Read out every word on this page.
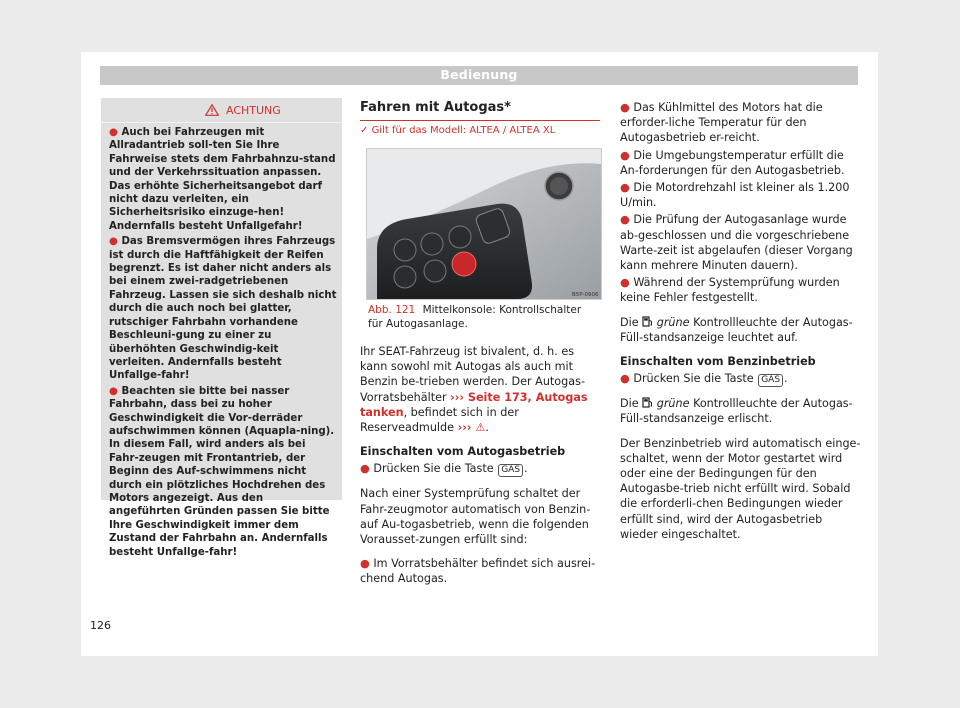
Bedienung
ACHTUNG

● Auch bei Fahrzeugen mit Allradantrieb soll-ten Sie Ihre Fahrweise stets dem Fahrbahnzu-stand und der Verkehrssituation anpassen. Das erhöhte Sicherheitsangebot darf nicht dazu verleiten, ein Sicherheitsrisiko einzuge-hen! Andernfalls besteht Unfallgefahr!

● Das Bremsvermögen ihres Fahrzeugs ist durch die Haftfähigkeit der Reifen begrenzt. Es ist daher nicht anders als bei einem zwei-radgetriebenen Fahrzeug. Lassen sie sich deshalb nicht durch die auch noch bei glatter, rutschiger Fahrbahn vorhandene Beschleuni-gung zu einer zu überhöhten Geschwindig-keit verleiten. Andernfalls besteht Unfallge-fahr!

● Beachten sie bitte bei nasser Fahrbahn, dass bei zu hoher Geschwindigkeit die Vor-derräder aufschwimmen können (Aquapla-ning). In diesem Fall, wird anders als bei Fahr-zeugen mit Frontantrieb, der Beginn des Auf-schwimmens nicht durch ein plötzliches Hochdrehen des Motors angezeigt. Aus den angeführten Gründen passen Sie bitte Ihre Geschwindigkeit immer dem Zustand der Fahrbahn an. Andernfalls besteht Unfallge-fahr!

Fahren mit Autogas*
✓ Gilt für das Modell: ALTEA / ALTEA XL
B5P-0906
Abb. 121 Mittelkonsole: Kontrollschalter für Autogasanlage.

Ihr SEAT-Fahrzeug ist bivalent, d. h. es kann sowohl mit Autogas als auch mit Benzin be-trieben werden. Der Autogas-Vorratsbehälter ››› Seite 173, Autogas tanken, befindet sich in der Reserveadmulde ››› ⚠.

Einschalten vom Autogasbetrieb

● Drücken Sie die Taste GAS .

Nach einer Systemprüfung schaltet der Fahr-zeugmotor automatisch von Benzin- auf Au-togasbetrieb, wenn die folgenden Vorausset-zungen erfüllt sind:

● Im Vorratsbehälter befindet sich ausrei-chend Autogas.

● Das Kühlmittel des Motors hat die erforder-liche Temperatur für den Autogasbetrieb er-reicht.

● Die Umgebungstemperatur erfüllt die An-forderungen für den Autogasbetrieb.

● Die Motordrehzahl ist kleiner als 1.200 U/min.

● Die Prüfung der Autogasanlage wurde ab-geschlossen und die vorgeschriebene Warte-zeit ist abgelaufen (dieser Vorgang kann mehrere Minuten dauern).

● Während der Systemprüfung wurden keine Fehler festgestellt.

Die grüne Kontrollleuchte der Autogas-Füll-standsanzeige leuchtet auf.

Einschalten vom Benzinbetrieb

● Drücken Sie die Taste GAS .

Die grüne Kontrollleuchte der Autogas-Füll-standsanzeige erlischt.

Der Benzinbetrieb wird automatisch einge-schaltet, wenn der Motor gestartet wird oder eine der Bedingungen für den Autogasbe-trieb nicht erfüllt wird. Sobald die erforderli-chen Bedingungen wieder erfüllt sind, wird der Autogasbetrieb wieder eingeschaltet.

126
